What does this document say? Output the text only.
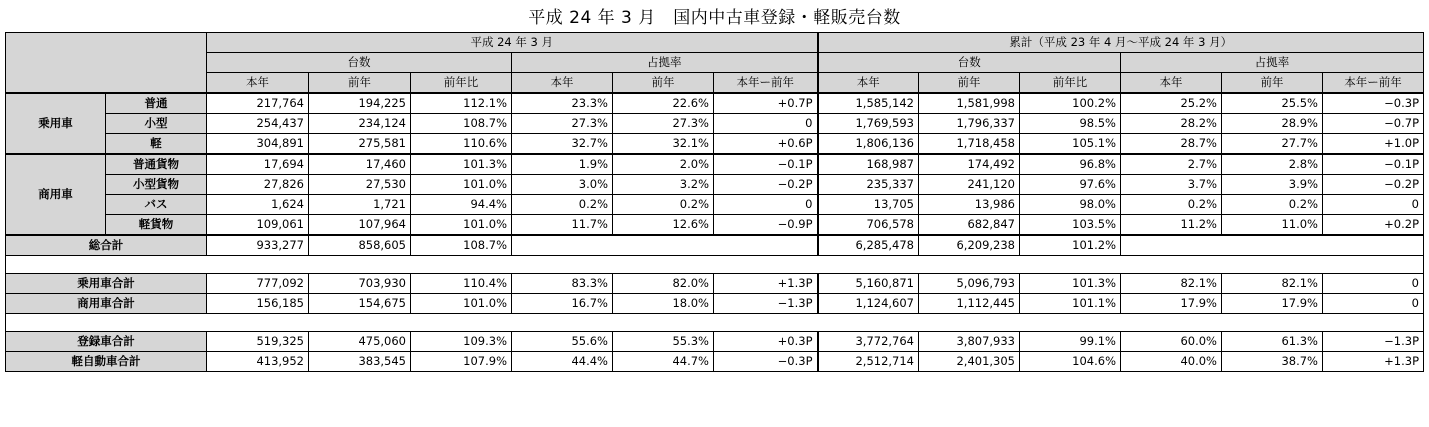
平成 24 年 3 月　国内中古車登録・軽販売台数
		平成 24 年 3 月						累計（平成 23 年 4 月〜平成 24 年 3 月）					
		台数			占拠率			台数			占拠率		
		本年	前年	前年比	本年	前年	本年ー前年	本年	前年	前年比	本年	前年	本年ー前年
乗用車	普通	217,764	194,225	112.1%	23.3%	22.6%	+0.7P	1,585,142	1,581,998	100.2%	25.2%	25.5%	−0.3P
	小型	254,437	234,124	108.7%	27.3%	27.3%	0	1,769,593	1,796,337	98.5%	28.2%	28.9%	−0.7P
	軽	304,891	275,581	110.6%	32.7%	32.1%	+0.6P	1,806,136	1,718,458	105.1%	28.7%	27.7%	+1.0P
商用車	普通貨物	17,694	17,460	101.3%	1.9%	2.0%	−0.1P	168,987	174,492	96.8%	2.7%	2.8%	−0.1P
	小型貨物	27,826	27,530	101.0%	3.0%	3.2%	−0.2P	235,337	241,120	97.6%	3.7%	3.9%	−0.2P
	バス	1,624	1,721	94.4%	0.2%	0.2%	0	13,705	13,986	98.0%	0.2%	0.2%	0
	軽貨物	109,061	107,964	101.0%	11.7%	12.6%	−0.9P	706,578	682,847	103.5%	11.2%	11.0%	+0.2P
総合計		933,277	858,605	108.7%				6,285,478	6,209,238	101.2%			

乗用車合計		777,092	703,930	110.4%	83.3%	82.0%	+1.3P	5,160,871	5,096,793	101.3%	82.1%	82.1%	0
商用車合計		156,185	154,675	101.0%	16.7%	18.0%	−1.3P	1,124,607	1,112,445	101.1%	17.9%	17.9%	0

登録車合計		519,325	475,060	109.3%	55.6%	55.3%	+0.3P	3,772,764	3,807,933	99.1%	60.0%	61.3%	−1.3P
軽自動車合計		413,952	383,545	107.9%	44.4%	44.7%	−0.3P	2,512,714	2,401,305	104.6%	40.0%	38.7%	+1.3P
